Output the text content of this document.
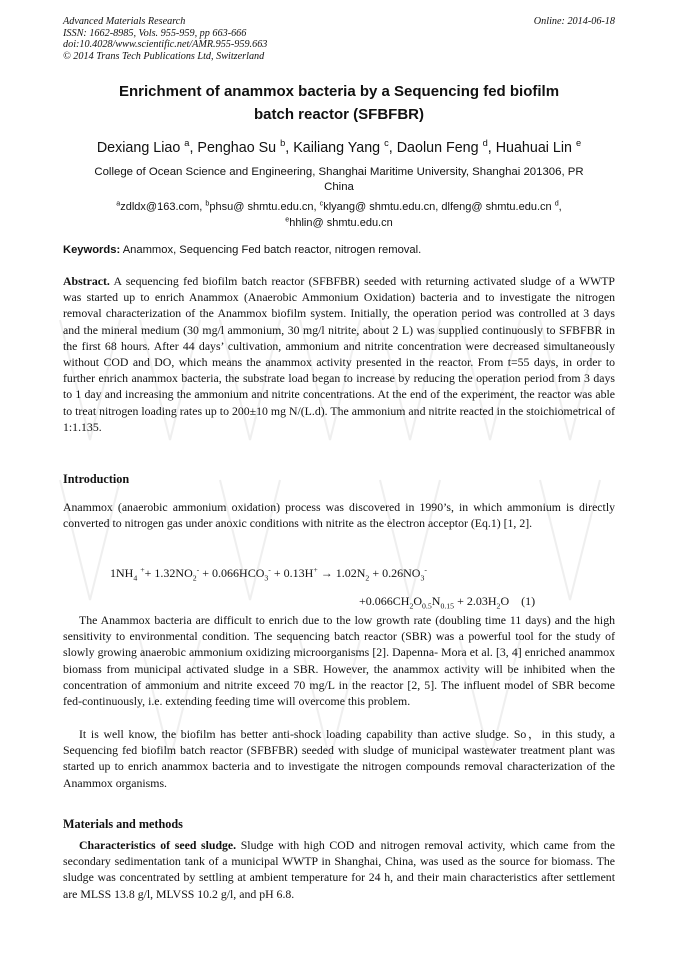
Advanced Materials Research
ISSN: 1662-8985, Vols. 955-959, pp 663-666
doi:10.4028/www.scientific.net/AMR.955-959.663
© 2014 Trans Tech Publications Ltd, Switzerland
Online: 2014-06-18
Enrichment of anammox bacteria by a Sequencing fed biofilm
batch reactor (SFBFBR)
Dexiang Liao $^a$, Penghao Su $^b$, Kailiang Yang $^c$, Daolun Feng $^d$, Huahuai Lin $^e$
College of Ocean Science and Engineering, Shanghai Maritime University, Shanghai 201306, PR
China
$^a$zdldx@163.com, $^b$phsu@ shmtu.edu.cn, $^c$klyang@ shmtu.edu.cn, dlfeng@ shmtu.edu.cn $^d$,
$^e$hhlin@ shmtu.edu.cn
Keywords: Anammox, Sequencing Fed batch reactor, nitrogen removal.
Abstract. A sequencing fed biofilm batch reactor (SFBFBR) seeded with returning activated sludge of a WWTP was started up to enrich Anammox (Anaerobic Ammonium Oxidation) bacteria and to investigate the nitrogen removal characterization of the Anammox biofilm system. Initially, the operation period was controlled at 3 days and the mineral medium (30 mg/l ammonium, 30 mg/l nitrite, about 2 L) was supplied continuously to SFBFBR in the first 68 hours. After 44 days’ cultivation, ammonium and nitrite concentration were decreased simultaneously without COD and DO, which means the anammox activity presented in the reactor. From t=55 days, in order to further enrich anammox bacteria, the substrate load began to increase by reducing the operation period from 3 days to 1 day and increasing the ammonium and nitrite concentrations. At the end of the experiment, the reactor was able to treat nitrogen loading rates up to 200±10 mg N/(L.d). The ammonium and nitrite reacted in the stoichiometrical of 1:1.135.
Introduction

Anammox (anaerobic ammonium oxidation) process was discovered in 1990’s, in which ammonium is directly converted to nitrogen gas under anoxic conditions with nitrite as the electron acceptor (Eq.1) [1, 2].

$1NH_4$ $^++ 1.32NO_2^- + 0.066HCO_3^- + 0.13H^+ \to 1.02N_2 + 0.26NO_3^-$
$+0.066CH_2O_{0.5}N_{0.15} + 2.03H_2O$ (1)

The Anammox bacteria are difficult to enrich due to the low growth rate (doubling time 11 days) and the high sensitivity to environmental condition. The sequencing batch reactor (SBR) was a powerful tool for the study of slowly growing anaerobic ammonium oxidizing microorganisms [2]. Dapenna- Mora et al. [3, 4] enriched anammox biomass from municipal activated sludge in a SBR. However, the anammox activity will be inhibited when the concentration of ammonium and nitrite exceed 70 mg/L in the reactor [2, 5]. The influent model of SBR become fed-continuously, i.e. extending feeding time will overcome this problem.

It is well know, the biofilm has better anti-shock loading capability than active sludge. So，in this study, a Sequencing fed biofilm batch reactor (SFBFBR) seeded with sludge of municipal wastewater treatment plant was started up to enrich anammox bacteria and to investigate the nitrogen compounds removal characterization of the Anammox organisms.

Materials and methods
Characteristics of seed sludge. Sludge with high COD and nitrogen removal activity, which came from the secondary sedimentation tank of a municipal WWTP in Shanghai, China, was used as the source for biomass. The sludge was concentrated by settling at ambient temperature for 24 h, and their main characteristics after settlement are MLSS 13.8 g/l, MLVSS 10.2 g/l, and pH 6.8.
